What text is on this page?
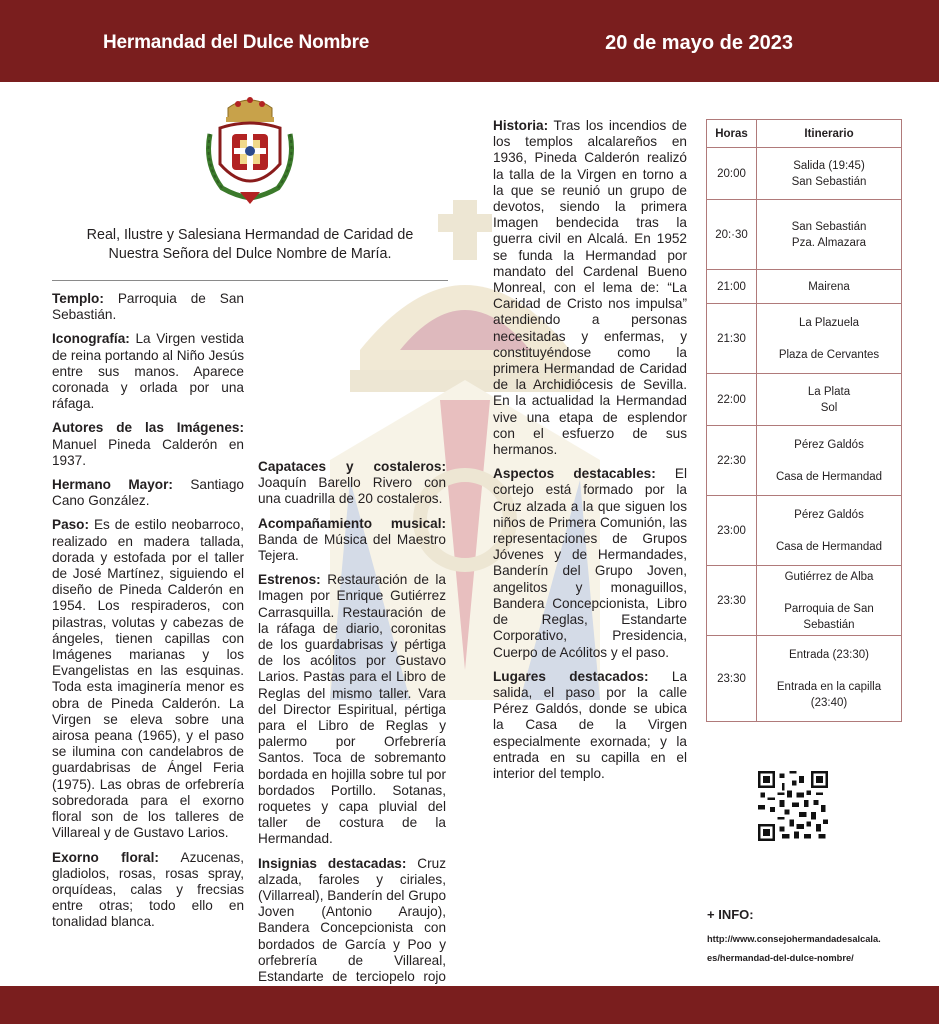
Hermandad del Dulce Nombre	20 de mayo de 2023
Real, Ilustre y Salesiana Hermandad de Caridad de
Nuestra Señora del Dulce Nombre de María.

Templo: Parroquia de San Sebastián.

Iconografía: La Virgen vestida de reina portando al Niño Jesús entre sus manos. Aparece coronada y orlada por una ráfaga.

Autores de las Imágenes: Manuel Pineda Calderón en 1937.

Hermano Mayor: Santiago Cano González.

Paso: Es de estilo neobarroco, realizado en madera tallada, dorada y estofada por el taller de José Martínez, siguiendo el diseño de Pineda Calderón en 1954. Los respiraderos, con pilastras, volutas y cabezas de ángeles, tienen capillas con Imágenes marianas y los Evangelistas en las esquinas. Toda esta imaginería menor es obra de Pineda Calderón. La Virgen se eleva sobre una airosa peana (1965), y el paso se ilumina con candelabros de guardabrisas de Ángel Feria (1975). Las obras de orfebrería sobredorada para el exorno floral son de los talleres de Villareal y de Gustavo Larios.

Exorno floral: Azucenas, gladiolos, rosas, rosas spray, orquídeas, calas y frecsias entre otras; todo ello en tonalidad blanca.

Capataces y costaleros: Joaquín Barello Rivero con una cuadrilla de 20 costaleros.

Acompañamiento musical: Banda de Música del Maestro Tejera.

Estrenos: Restauración de la Imagen por Enrique Gutiérrez Carrasquilla. Restauración de la ráfaga de diario, coronitas de los guardabrisas y pértiga de los acólitos por Gustavo Larios. Pastas para el Libro de Reglas del mismo taller. Vara del Director Espiritual, pértiga para el Libro de Reglas y palermo por Orfebrería Santos. Toca de sobremanto bordada en hojilla sobre tul por bordados Portillo. Sotanas, roquetes y capa pluvial del taller de costura de la Hermandad.

Insignias destacadas: Cruz alzada, faroles y ciriales, (Villarreal), Banderín del Grupo Joven (Antonio Araujo), Bandera Concepcionista con bordados de García y Poo y orfebrería de Villareal, Estandarte de terciopelo rojo

Historia: Tras los incendios de los templos alcalareños en 1936, Pineda Calderón realizó la talla de la Virgen en torno a la que se reunió un grupo de devotos, siendo la primera Imagen bendecida tras la guerra civil en Alcalá. En 1952 se funda la Hermandad por mandato del Cardenal Bueno Monreal, con el lema de: “La Caridad de Cristo nos impulsa” atendiendo a personas necesitadas y enfermas, y constituyéndose como la primera Hermandad de Caridad de la Archidiócesis de Sevilla. En la actualidad la Hermandad vive una etapa de esplendor con el esfuerzo de sus hermanos.

Aspectos destacables: El cortejo está formado por la Cruz alzada a la que siguen los niños de Primera Comunión, las representaciones de Grupos Jóvenes y de Hermandades, Banderín del Grupo Joven, angelitos y monaguillos, Bandera Concepcionista, Libro de Reglas, Estandarte Corporativo, Presidencia, Cuerpo de Acólitos y el paso.

Lugares destacados: La salida, el paso por la calle Pérez Galdós, donde se ubica la Casa de la Virgen especialmente exornada; y la entrada en su capilla en el interior del templo.

Horas	Itinerario
20:00	Salida (19:45)
San Sebastián

20:·30	San Sebastián
Pza. Almazara

21:00	Mairena

21:30	La Plazuela
Plaza de Cervantes

22:00	La Plata
Sol

22:30	Pérez Galdós
Casa de Hermandad

23:00	Pérez Galdós
Casa de Hermandad

23:30	Gutiérrez de Alba
Parroquia de San Sebastián

23:30	Entrada (23:30)
Entrada en la capilla
(23:40)
+ INFO:
http://www.consejohermandadesalcala.
es/hermandad-del-dulce-nombre/
